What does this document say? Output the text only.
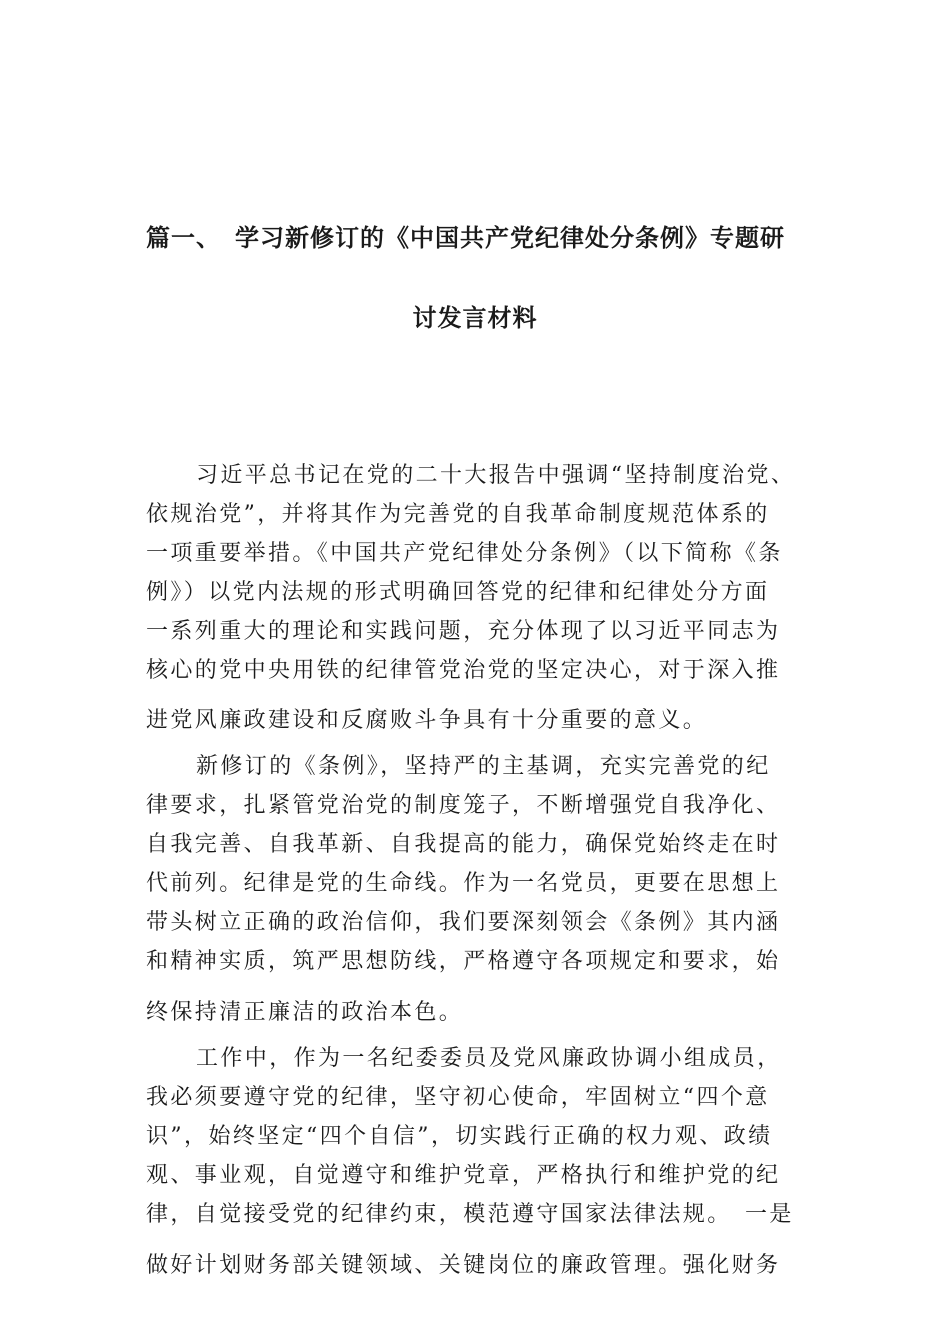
篇一、 学习新修订的《中国共产党纪律处分条例》专题研
讨发言材料

习近平总书记在党的二十大报告中强调“坚持制度治党、

依规治党”，并将其作为完善党的自我革命制度规范体系的

一项重要举措。《中国共产党纪律处分条例》（以下简称《条

例》）以党内法规的形式明确回答党的纪律和纪律处分方面

一系列重大的理论和实践问题，充分体现了以习近平同志为

核心的党中央用铁的纪律管党治党的坚定决心，对于深入推

进党风廉政建设和反腐败斗争具有十分重要的意义。

新修订的《条例》，坚持严的主基调，充实完善党的纪

律要求，扎紧管党治党的制度笼子，不断增强党自我净化、

自我完善、自我革新、自我提高的能力，确保党始终走在时

代前列。纪律是党的生命线。作为一名党员，更要在思想上

带头树立正确的政治信仰，我们要深刻领会《条例》其内涵

和精神实质，筑严思想防线，严格遵守各项规定和要求，始

终保持清正廉洁的政治本色。

工作中，作为一名纪委委员及党风廉政协调小组成员，

我必须要遵守党的纪律，坚守初心使命，牢固树立“四个意

识”，始终坚定“四个自信”，切实践行正确的权力观、政绩

观、事业观，自觉遵守和维护党章，严格执行和维护党的纪

律，自觉接受党的纪律约束，模范遵守国家法律法规。　一是

做好计划财务部关键领域、关键岗位的廉政管理。强化财务
